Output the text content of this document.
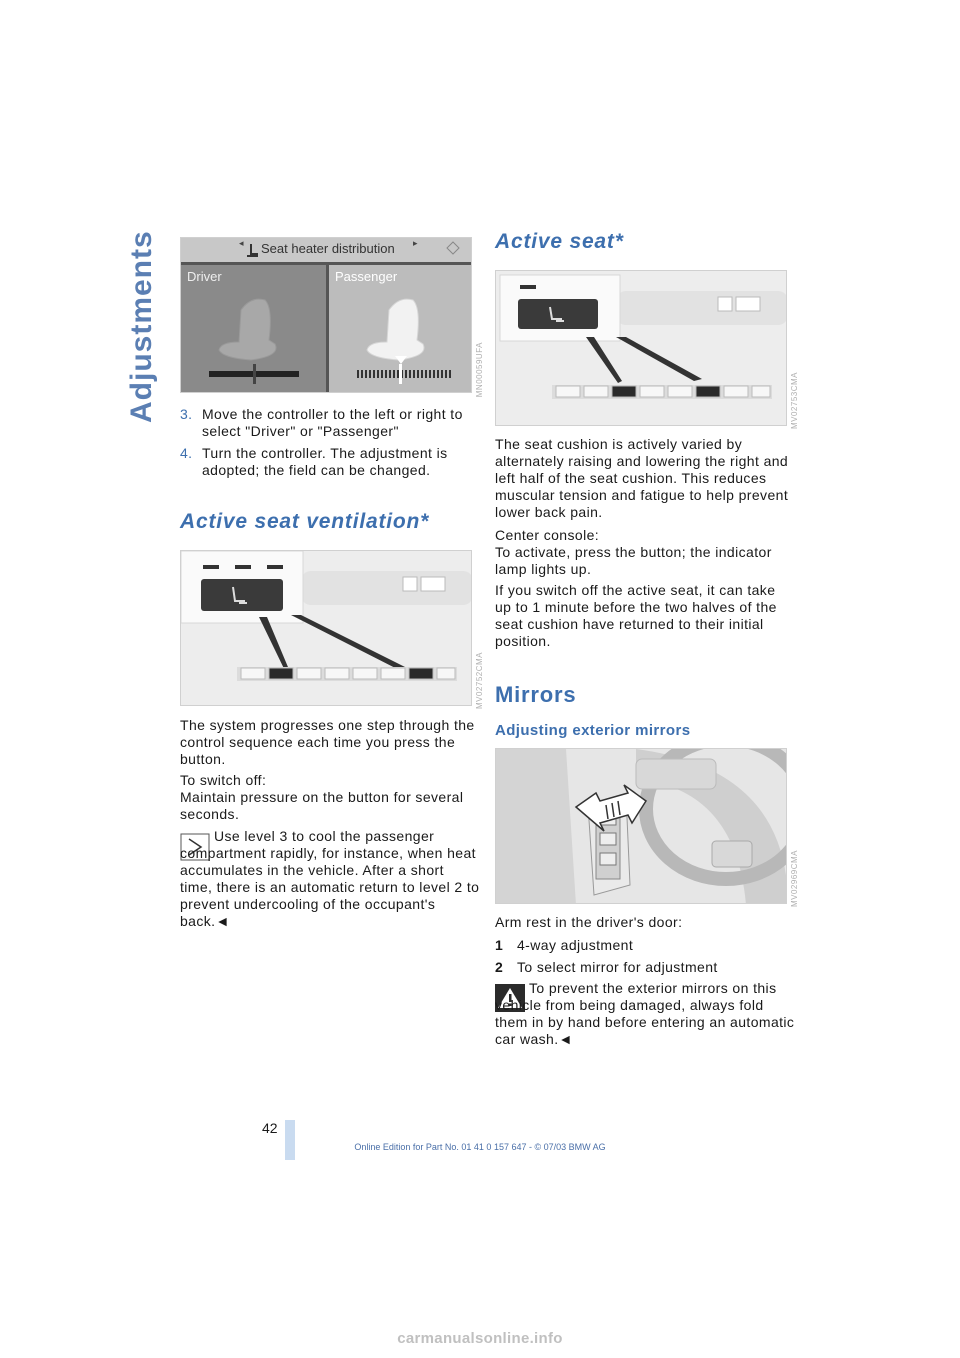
Adjustments	◂	▸
Seat heater distribution
Driver	Passenger
MN00059UFA
3. Move the controller to the left or right to select "Driver" or "Passenger"
4. Turn the controller. The adjustment is adopted; the field can be changed.
Active seat ventilation*
MV02752CMA

The system progresses one step through the control sequence each time you press the button.

To switch off:

Maintain pressure on the button for several seconds.

Use level 3 to cool the passenger compartment rapidly, for instance, when heat accumulates in the vehicle. After a short time, there is an automatic return to level 2 to prevent undercooling of the occupant's back.◄
Active seat*
MV02753CMA

The seat cushion is actively varied by alternately raising and lowering the right and left half of the seat cushion. This reduces muscular tension and fatigue to help prevent lower back pain.

Center console:

To activate, press the button; the indicator lamp lights up.

If you switch off the active seat, it can take up to 1 minute before the two halves of the seat cushion have returned to their initial position.

Mirrors
Adjusting exterior mirrors
MV02969CMA

Arm rest in the driver's door:

1 4-way adjustment
2 To select mirror for adjustment
To prevent the exterior mirrors on this vehicle from being damaged, always fold them in by hand before entering an automatic car wash.◄
42
Online Edition for Part No. 01 41 0 157 647 - © 07/03 BMW AG
carmanualsonline.info
